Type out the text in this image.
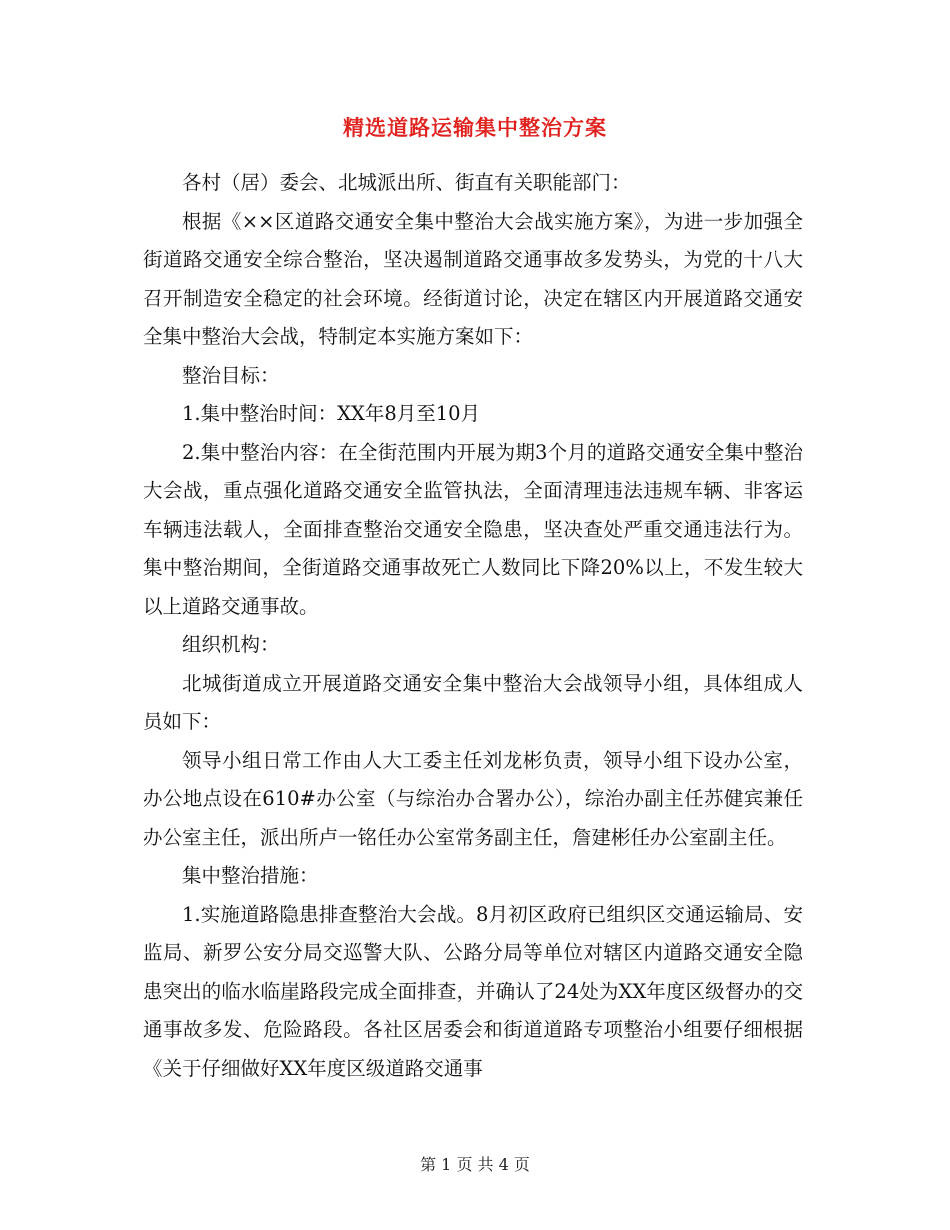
精选道路运输集中整治方案

各村（居）委会、北城派出所、街直有关职能部门：

根据《××区道路交通安全集中整治大会战实施方案》，为进一步加强全街道路交通安全综合整治，坚决遏制道路交通事故多发势头，为党的十八大召开制造安全稳定的社会环境。经街道讨论，决定在辖区内开展道路交通安全集中整治大会战，特制定本实施方案如下：

整治目标：

1.集中整治时间：XX年8月至10月

2.集中整治内容：在全街范围内开展为期3个月的道路交通安全集中整治大会战，重点强化道路交通安全监管执法，全面清理违法违规车辆、非客运车辆违法载人，全面排查整治交通安全隐患，坚决查处严重交通违法行为。集中整治期间，全街道路交通事故死亡人数同比下降20%以上，不发生较大以上道路交通事故。

组织机构：

北城街道成立开展道路交通安全集中整治大会战领导小组，具体组成人员如下：

领导小组日常工作由人大工委主任刘龙彬负责，领导小组下设办公室，办公地点设在610#办公室（与综治办合署办公），综治办副主任苏健宾兼任办公室主任，派出所卢一铭任办公室常务副主任，詹建彬任办公室副主任。

集中整治措施：

1.实施道路隐患排查整治大会战。8月初区政府已组织区交通运输局、安监局、新罗公安分局交巡警大队、公路分局等单位对辖区内道路交通安全隐患突出的临水临崖路段完成全面排查，并确认了24处为XX年度区级督办的交通事故多发、危险路段。各社区居委会和街道道路专项整治小组要仔细根据《关于仔细做好XX年度区级道路交通事

第 1 页 共 4 页
